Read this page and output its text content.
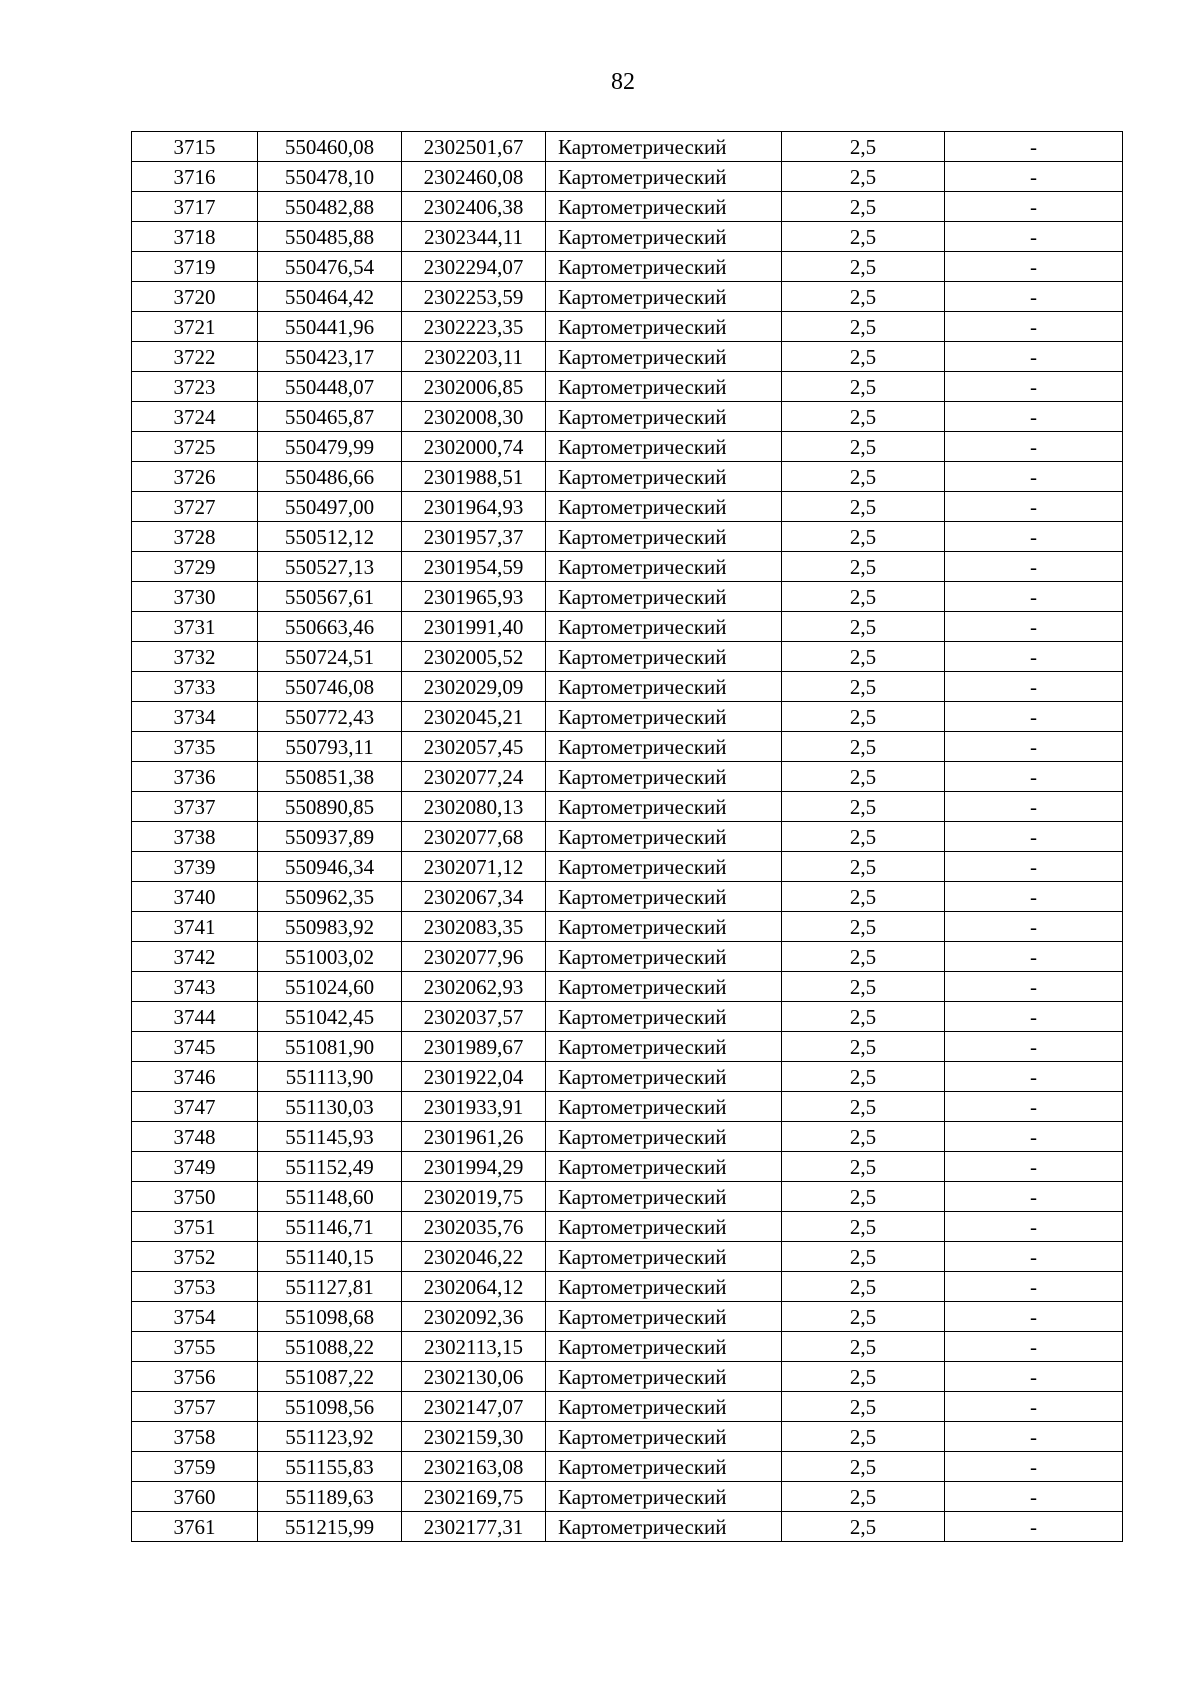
82
3715	550460,08	2302501,67	Картометрический	2,5	-
3716	550478,10	2302460,08	Картометрический	2,5	-
3717	550482,88	2302406,38	Картометрический	2,5	-
3718	550485,88	2302344,11	Картометрический	2,5	-
3719	550476,54	2302294,07	Картометрический	2,5	-
3720	550464,42	2302253,59	Картометрический	2,5	-
3721	550441,96	2302223,35	Картометрический	2,5	-
3722	550423,17	2302203,11	Картометрический	2,5	-
3723	550448,07	2302006,85	Картометрический	2,5	-
3724	550465,87	2302008,30	Картометрический	2,5	-
3725	550479,99	2302000,74	Картометрический	2,5	-
3726	550486,66	2301988,51	Картометрический	2,5	-
3727	550497,00	2301964,93	Картометрический	2,5	-
3728	550512,12	2301957,37	Картометрический	2,5	-
3729	550527,13	2301954,59	Картометрический	2,5	-
3730	550567,61	2301965,93	Картометрический	2,5	-
3731	550663,46	2301991,40	Картометрический	2,5	-
3732	550724,51	2302005,52	Картометрический	2,5	-
3733	550746,08	2302029,09	Картометрический	2,5	-
3734	550772,43	2302045,21	Картометрический	2,5	-
3735	550793,11	2302057,45	Картометрический	2,5	-
3736	550851,38	2302077,24	Картометрический	2,5	-
3737	550890,85	2302080,13	Картометрический	2,5	-
3738	550937,89	2302077,68	Картометрический	2,5	-
3739	550946,34	2302071,12	Картометрический	2,5	-
3740	550962,35	2302067,34	Картометрический	2,5	-
3741	550983,92	2302083,35	Картометрический	2,5	-
3742	551003,02	2302077,96	Картометрический	2,5	-
3743	551024,60	2302062,93	Картометрический	2,5	-
3744	551042,45	2302037,57	Картометрический	2,5	-
3745	551081,90	2301989,67	Картометрический	2,5	-
3746	551113,90	2301922,04	Картометрический	2,5	-
3747	551130,03	2301933,91	Картометрический	2,5	-
3748	551145,93	2301961,26	Картометрический	2,5	-
3749	551152,49	2301994,29	Картометрический	2,5	-
3750	551148,60	2302019,75	Картометрический	2,5	-
3751	551146,71	2302035,76	Картометрический	2,5	-
3752	551140,15	2302046,22	Картометрический	2,5	-
3753	551127,81	2302064,12	Картометрический	2,5	-
3754	551098,68	2302092,36	Картометрический	2,5	-
3755	551088,22	2302113,15	Картометрический	2,5	-
3756	551087,22	2302130,06	Картометрический	2,5	-
3757	551098,56	2302147,07	Картометрический	2,5	-
3758	551123,92	2302159,30	Картометрический	2,5	-
3759	551155,83	2302163,08	Картометрический	2,5	-
3760	551189,63	2302169,75	Картометрический	2,5	-
3761	551215,99	2302177,31	Картометрический	2,5	-
